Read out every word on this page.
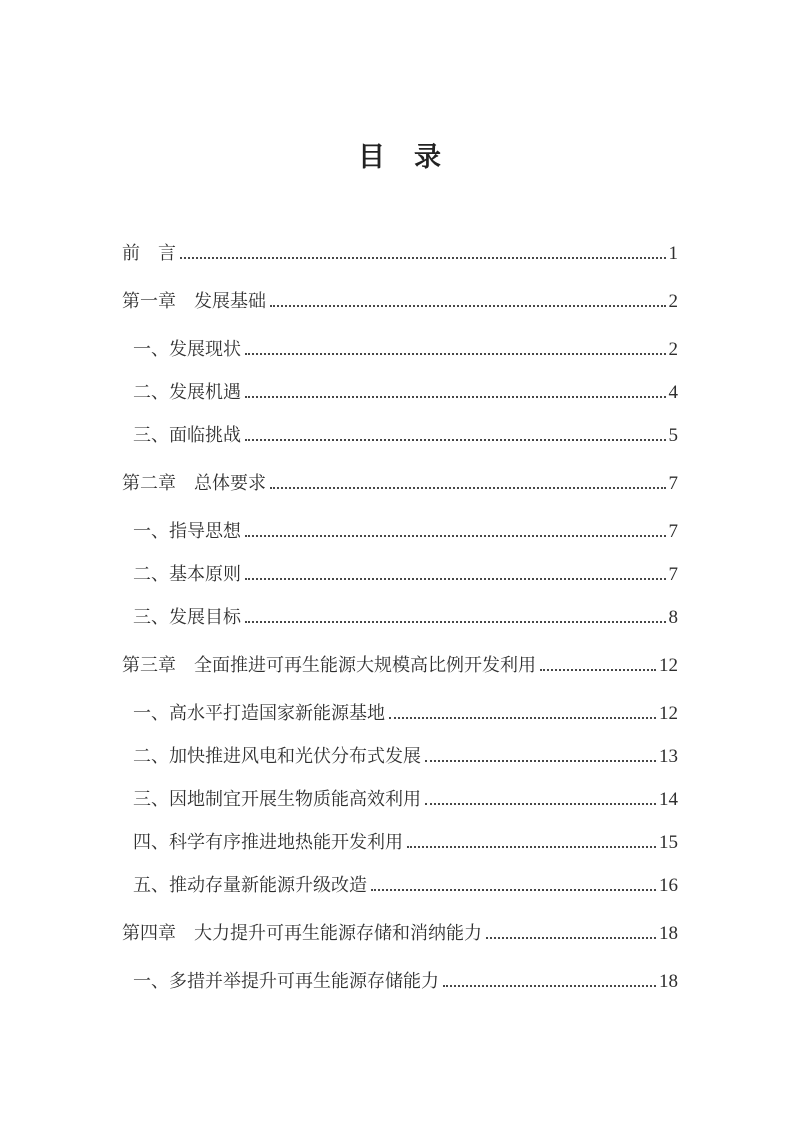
目　录
前　言	1
第一章　发展基础	2
一、发展现状	2
二、发展机遇	4
三、面临挑战	5
第二章　总体要求	7
一、指导思想	7
二、基本原则	7
三、发展目标	8
第三章　全面推进可再生能源大规模高比例开发利用	12
一、高水平打造国家新能源基地	12
二、加快推进风电和光伏分布式发展	13
三、因地制宜开展生物质能高效利用	14
四、科学有序推进地热能开发利用	15
五、推动存量新能源升级改造	16
第四章　大力提升可再生能源存储和消纳能力	18
一、多措并举提升可再生能源存储能力	18
